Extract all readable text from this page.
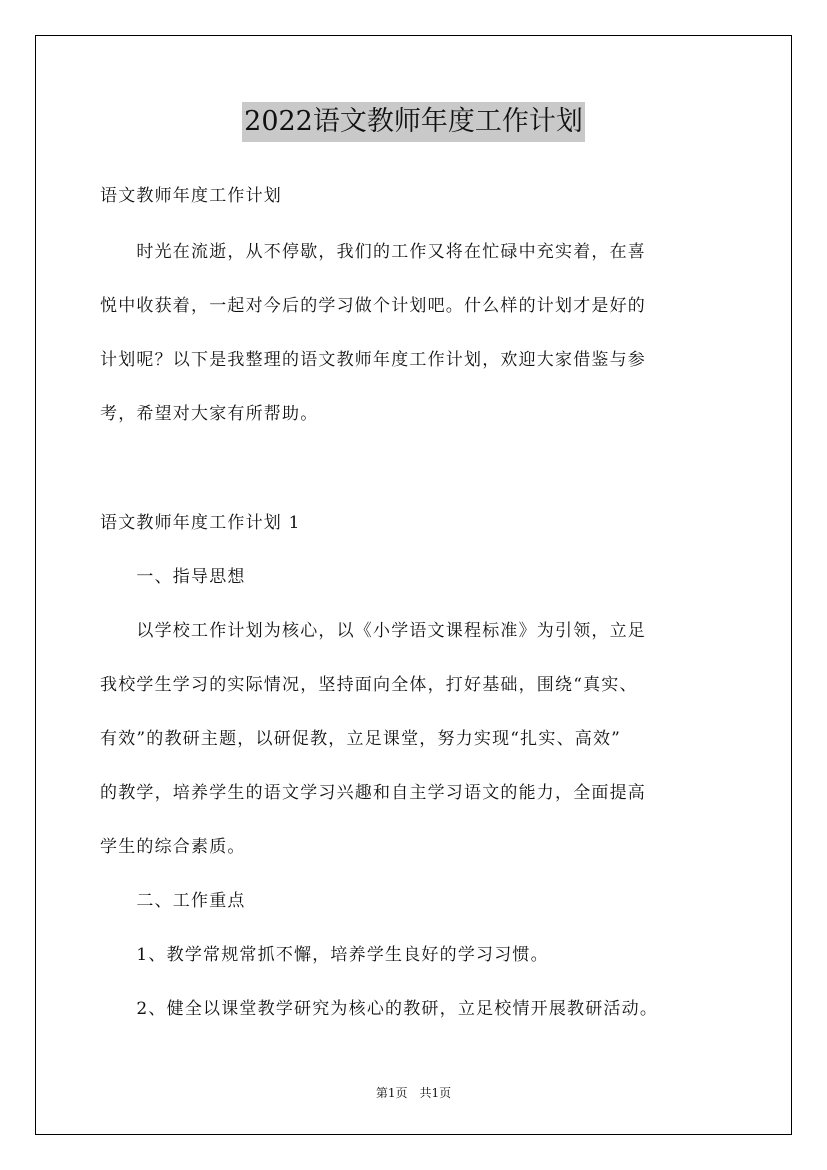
2022语文教师年度工作计划
语文教师年度工作计划
　　时光在流逝，从不停歇，我们的工作又将在忙碌中充实着，在喜
悦中收获着，一起对今后的学习做个计划吧。什么样的计划才是好的
计划呢？以下是我整理的语文教师年度工作计划，欢迎大家借鉴与参
考，希望对大家有所帮助。
语文教师年度工作计划 1
　　一、指导思想
　　以学校工作计划为核心，以《小学语文课程标准》为引领，立足
我校学生学习的实际情况，坚持面向全体，打好基础，围绕“真实、
有效”的教研主题，以研促教，立足课堂，努力实现“扎实、高效”
的教学，培养学生的语文学习兴趣和自主学习语文的能力，全面提高
学生的综合素质。
　　二、工作重点
　　1、教学常规常抓不懈，培养学生良好的学习习惯。
　　2、健全以课堂教学研究为核心的教研，立足校情开展教研活动。
第1页　共1页
